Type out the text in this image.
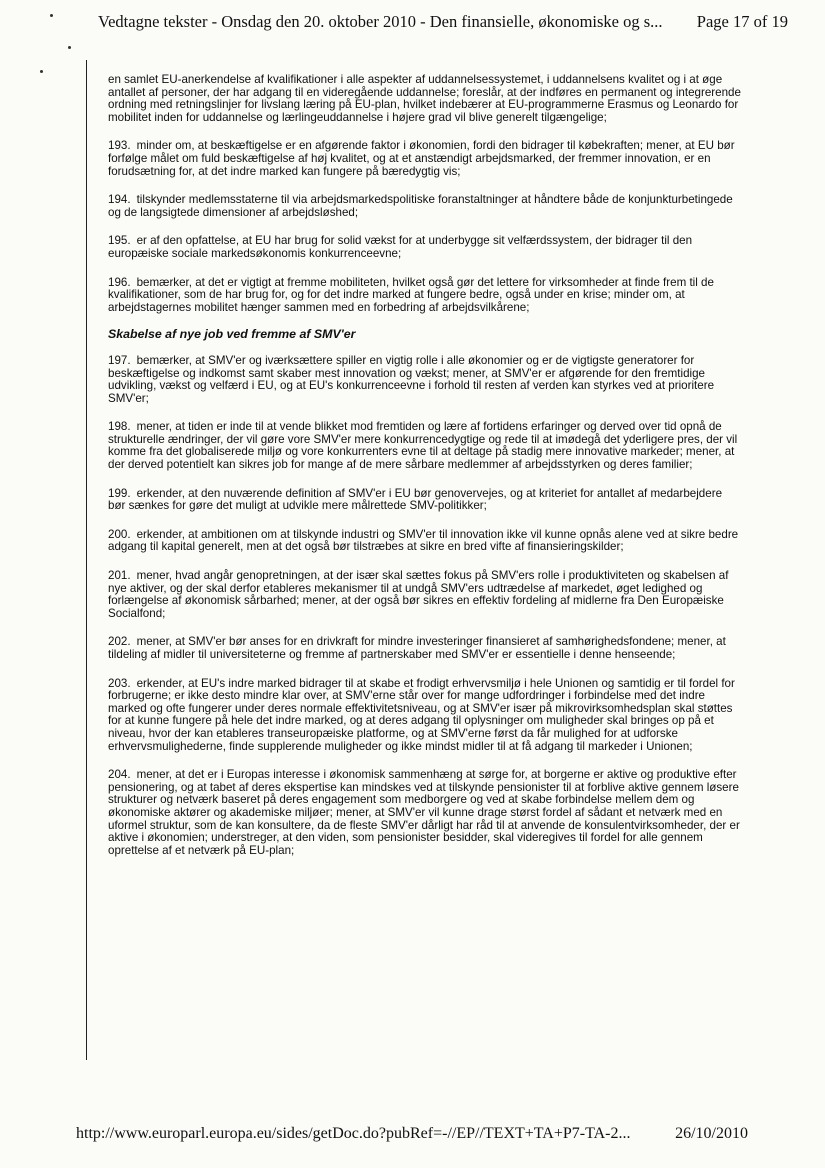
Vedtagne tekster - Onsdag den 20. oktober 2010 - Den finansielle, økonomiske og s... Page 17 of 19

en samlet EU-anerkendelse af kvalifikationer i alle aspekter af uddannelsessystemet, i uddannelsens kvalitet og i at øge antallet af personer, der har adgang til en videregående uddannelse; foreslår, at der indføres en permanent og integrerende ordning med retningslinjer for livslang læring på EU-plan, hvilket indebærer at EU-programmerne Erasmus og Leonardo for mobilitet inden for uddannelse og lærlingeuddannelse i højere grad vil blive generelt tilgængelige;

193. minder om, at beskæftigelse er en afgørende faktor i økonomien, fordi den bidrager til købekraften; mener, at EU bør forfølge målet om fuld beskæftigelse af høj kvalitet, og at et anstændigt arbejdsmarked, der fremmer innovation, er en forudsætning for, at det indre marked kan fungere på bæredygtig vis;

194. tilskynder medlemsstaterne til via arbejdsmarkedspolitiske foranstaltninger at håndtere både de konjunkturbetingede og de langsigtede dimensioner af arbejdsløshed;

195. er af den opfattelse, at EU har brug for solid vækst for at underbygge sit velfærdssystem, der bidrager til den europæiske sociale markedsøkonomis konkurrenceevne;

196. bemærker, at det er vigtigt at fremme mobiliteten, hvilket også gør det lettere for virksomheder at finde frem til de kvalifikationer, som de har brug for, og for det indre marked at fungere bedre, også under en krise; minder om, at arbejdstagernes mobilitet hænger sammen med en forbedring af arbejdsvilkårene;

Skabelse af nye job ved fremme af SMV'er

197. bemærker, at SMV'er og iværksættere spiller en vigtig rolle i alle økonomier og er de vigtigste generatorer for beskæftigelse og indkomst samt skaber mest innovation og vækst; mener, at SMV'er er afgørende for den fremtidige udvikling, vækst og velfærd i EU, og at EU's konkurrenceevne i forhold til resten af verden kan styrkes ved at prioritere SMV'er;

198. mener, at tiden er inde til at vende blikket mod fremtiden og lære af fortidens erfaringer og derved over tid opnå de strukturelle ændringer, der vil gøre vore SMV'er mere konkurrencedygtige og rede til at imødegå det yderligere pres, der vil komme fra det globaliserede miljø og vore konkurrenters evne til at deltage på stadig mere innovative markeder; mener, at der derved potentielt kan sikres job for mange af de mere sårbare medlemmer af arbejdsstyrken og deres familier;

199. erkender, at den nuværende definition af SMV'er i EU bør genovervejes, og at kriteriet for antallet af medarbejdere bør sænkes for gøre det muligt at udvikle mere målrettede SMV-politikker;

200. erkender, at ambitionen om at tilskynde industri og SMV'er til innovation ikke vil kunne opnås alene ved at sikre bedre adgang til kapital generelt, men at det også bør tilstræbes at sikre en bred vifte af finansieringskilder;

201. mener, hvad angår genopretningen, at der især skal sættes fokus på SMV'ers rolle i produktiviteten og skabelsen af nye aktiver, og der skal derfor etableres mekanismer til at undgå SMV'ers udtrædelse af markedet, øget ledighed og forlængelse af økonomisk sårbarhed; mener, at der også bør sikres en effektiv fordeling af midlerne fra Den Europæiske Socialfond;

202. mener, at SMV'er bør anses for en drivkraft for mindre investeringer finansieret af samhørighedsfondene; mener, at tildeling af midler til universiteterne og fremme af partnerskaber med SMV'er er essentielle i denne henseende;

203. erkender, at EU's indre marked bidrager til at skabe et frodigt erhvervsmiljø i hele Unionen og samtidig er til fordel for forbrugerne; er ikke desto mindre klar over, at SMV'erne står over for mange udfordringer i forbindelse med det indre marked og ofte fungerer under deres normale effektivitetsniveau, og at SMV'er især på mikrovirksomhedsplan skal støttes for at kunne fungere på hele det indre marked, og at deres adgang til oplysninger om muligheder skal bringes op på et niveau, hvor der kan etableres transeuropæiske platforme, og at SMV'erne først da får mulighed for at udforske erhvervsmulighederne, finde supplerende muligheder og ikke mindst midler til at få adgang til markeder i Unionen;

204. mener, at det er i Europas interesse i økonomisk sammenhæng at sørge for, at borgerne er aktive og produktive efter pensionering, og at tabet af deres ekspertise kan mindskes ved at tilskynde pensionister til at forblive aktive gennem løsere strukturer og netværk baseret på deres engagement som medborgere og ved at skabe forbindelse mellem dem og økonomiske aktører og akademiske miljøer; mener, at SMV'er vil kunne drage størst fordel af sådant et netværk med en uformel struktur, som de kan konsultere, da de fleste SMV'er dårligt har råd til at anvende de konsulentvirksomheder, der er aktive i økonomien; understreger, at den viden, som pensionister besidder, skal videregives til fordel for alle gennem oprettelse af et netværk på EU-plan;

http://www.europarl.europa.eu/sides/getDoc.do?pubRef=-//EP//TEXT+TA+P7-TA-2...	26/10/2010
